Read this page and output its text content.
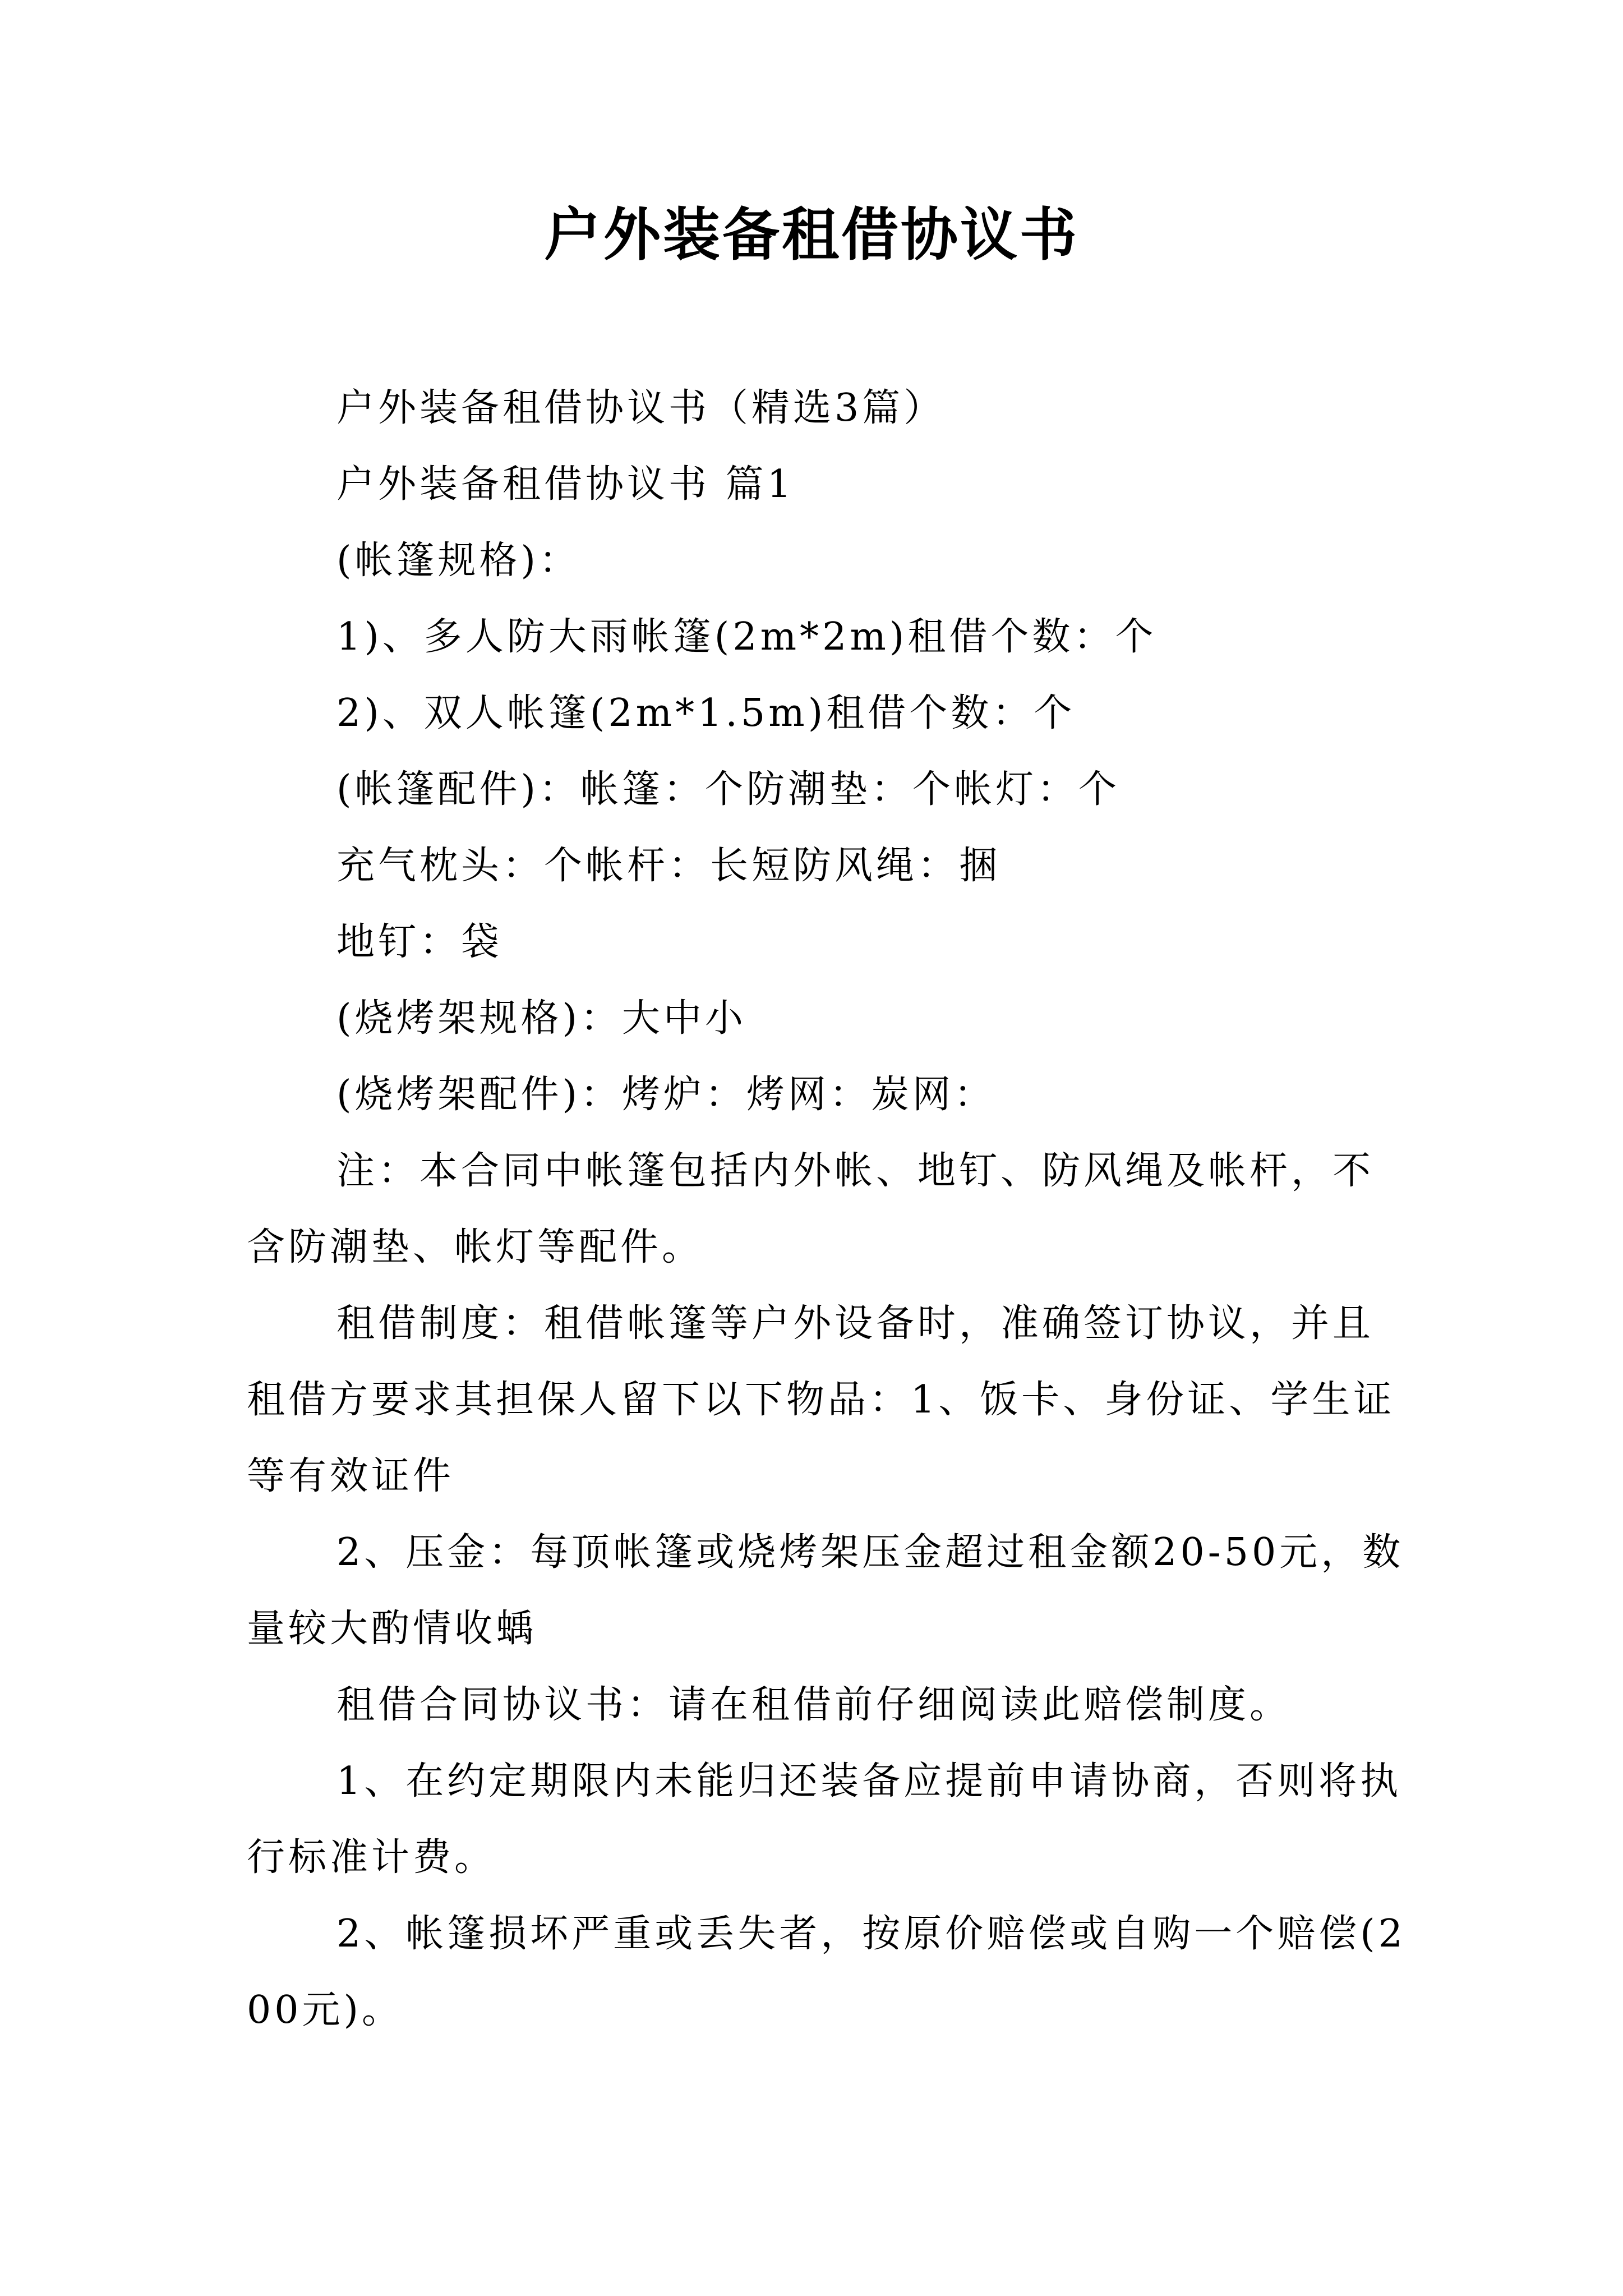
户外装备租借协议书

户外装备租借协议书（精选3篇）

户外装备租借协议书 篇1

(帐篷规格)：

1)、多人防大雨帐篷(2m*2m)租借个数：个

2)、双人帐篷(2m*1.5m)租借个数：个

(帐篷配件)：帐篷：个防潮垫：个帐灯：个

充气枕头：个帐杆：长短防风绳：捆

地钉：袋

(烧烤架规格)：大中小

(烧烤架配件)：烤炉：烤网：炭网：

注：本合同中帐篷包括内外帐、地钉、防风绳及帐杆，不含防潮垫、帐灯等配件。

租借制度：租借帐篷等户外设备时，准确签订协议，并且租借方要求其担保人留下以下物品：1、饭卡、身份证、学生证等有效证件

2、压金：每顶帐篷或烧烤架压金超过租金额20-50元，数量较大酌情收蝺

租借合同协议书：请在租借前仔细阅读此赔偿制度。

1、在约定期限内未能归还装备应提前申请协商，否则将执行标准计费。

2、帐篷损坏严重或丢失者，按原价赔偿或自购一个赔偿(200元)。
